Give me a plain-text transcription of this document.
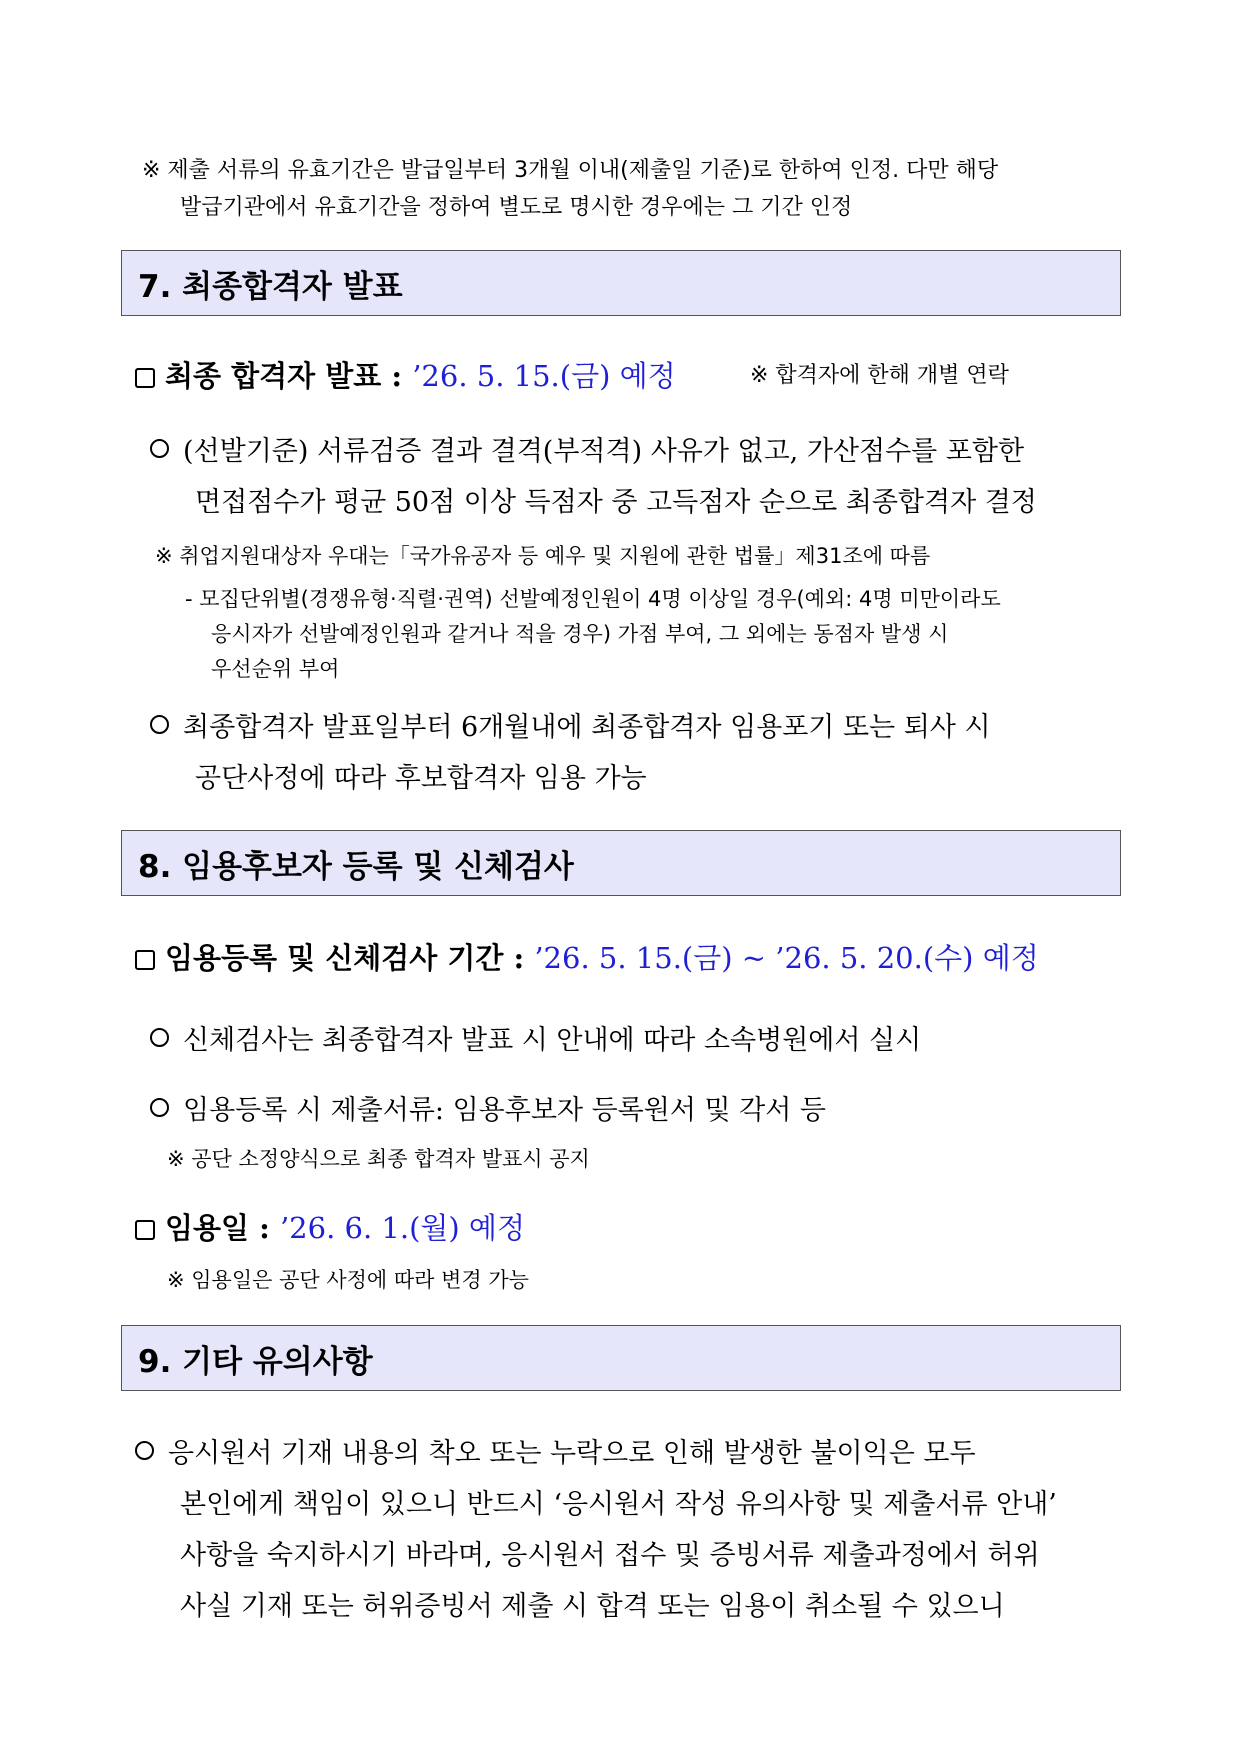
※ 제출 서류의 유효기간은 발급일부터 3개월 이내(제출일 기준)로 한하여 인정. 다만 해당
발급기관에서 유효기간을 정하여 별도로 명시한 경우에는 그 기간 인정
7. 최종합격자 발표
최종 합격자 발표 : ’26. 5. 15.(금) 예정	※ 합격자에 한해 개별 연락
(선발기준) 서류검증 결과 결격(부적격) 사유가 없고, 가산점수를 포함한
면접점수가 평균 50점 이상 득점자 중 고득점자 순으로 최종합격자 결정
※ 취업지원대상자 우대는「국가유공자 등 예우 및 지원에 관한 법률」제31조에 따름
- 모집단위별(경쟁유형·직렬·권역) 선발예정인원이 4명 이상일 경우(예외: 4명 미만이라도
응시자가 선발예정인원과 같거나 적을 경우) 가점 부여, 그 외에는 동점자 발생 시
우선순위 부여
최종합격자 발표일부터 6개월내에 최종합격자 임용포기 또는 퇴사 시
공단사정에 따라 후보합격자 임용 가능
8. 임용후보자 등록 및 신체검사
임용등록 및 신체검사 기간 : ’26. 5. 15.(금) ~ ’26. 5. 20.(수) 예정
신체검사는 최종합격자 발표 시 안내에 따라 소속병원에서 실시
임용등록 시 제출서류: 임용후보자 등록원서 및 각서 등
※ 공단 소정양식으로 최종 합격자 발표시 공지
임용일 : ’26. 6. 1.(월) 예정
※ 임용일은 공단 사정에 따라 변경 가능
9. 기타 유의사항
응시원서 기재 내용의 착오 또는 누락으로 인해 발생한 불이익은 모두
본인에게 책임이 있으니 반드시 ‘응시원서 작성 유의사항 및 제출서류 안내’
사항을 숙지하시기 바라며, 응시원서 접수 및 증빙서류 제출과정에서 허위
사실 기재 또는 허위증빙서 제출 시 합격 또는 임용이 취소될 수 있으니
